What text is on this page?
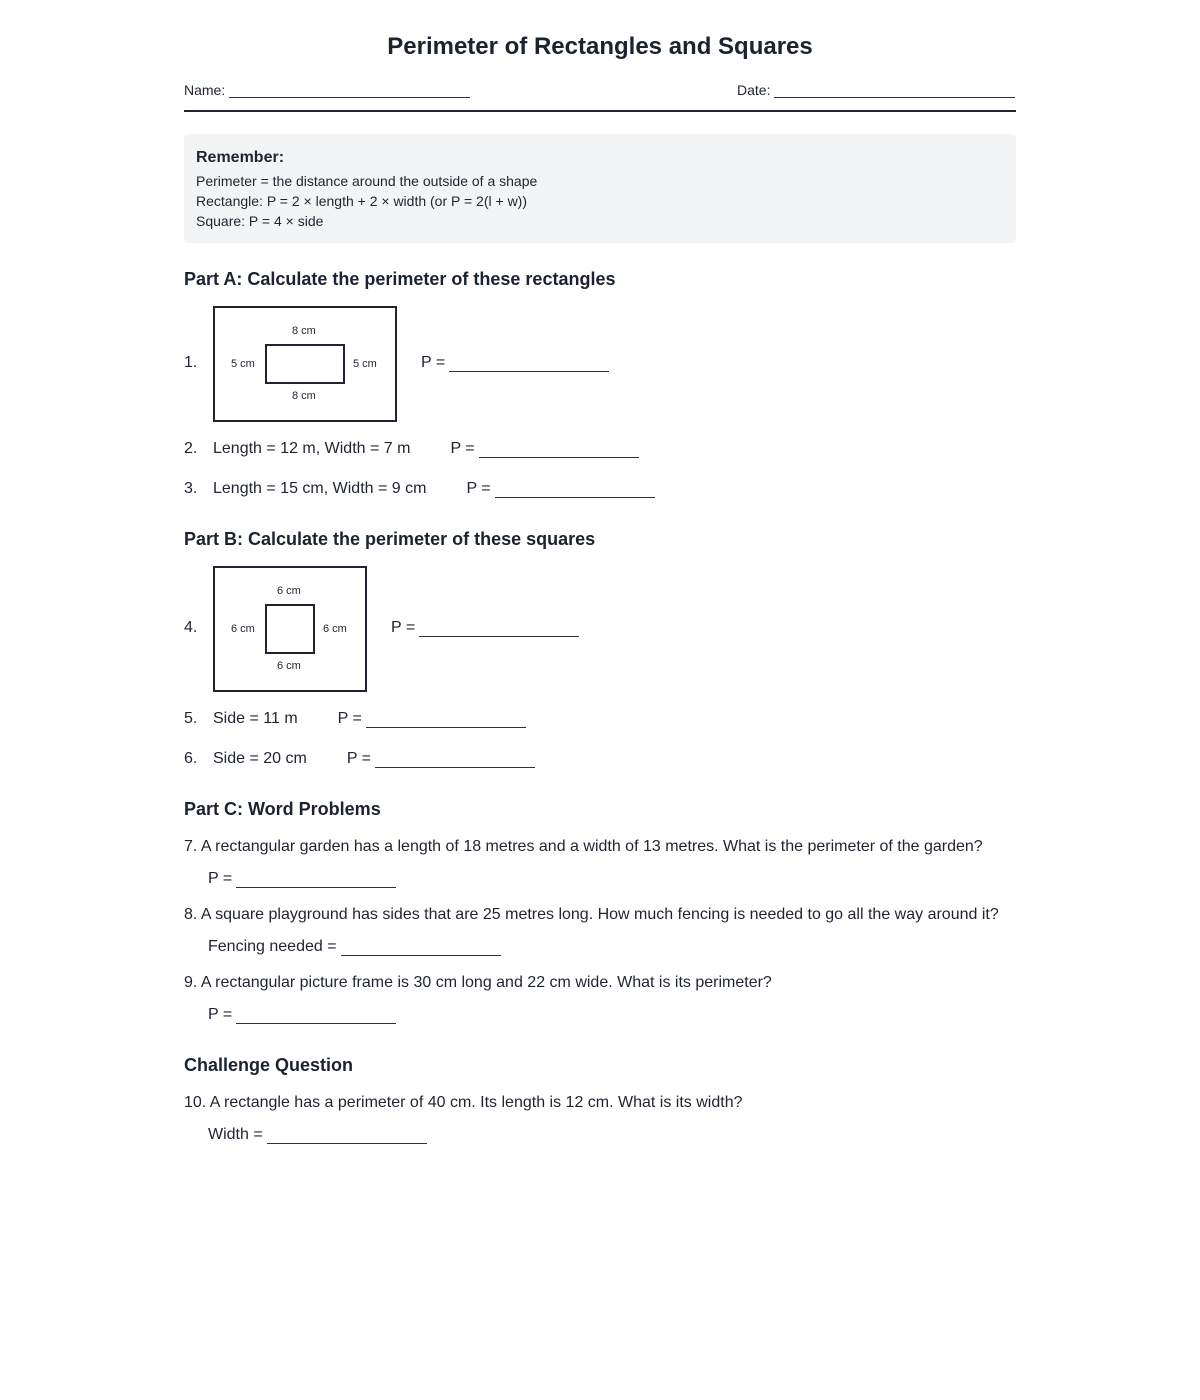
Perimeter of Rectangles and Squares
Name:	Date:
Remember:
Perimeter = the distance around the outside of a shape
Rectangle: P = 2 × length + 2 × width (or P = 2(l + w))
Square: P = 4 × side
Part A: Calculate the perimeter of these rectangles
1.
8 cm
5 cm	5 cm
8 cm
P =
2. Length = 12 m, Width = 7 m	P =
3. Length = 15 cm, Width = 9 cm	P =
Part B: Calculate the perimeter of these squares
4.
6 cm
6 cm	6 cm
6 cm
P =
5. Side = 11 m	P =
6. Side = 20 cm	P =
Part C: Word Problems
7. A rectangular garden has a length of 18 metres and a width of 13 metres. What is the perimeter of the garden?
P =
8. A square playground has sides that are 25 metres long. How much fencing is needed to go all the way around it?
Fencing needed =
9. A rectangular picture frame is 30 cm long and 22 cm wide. What is its perimeter?
P =
Challenge Question
10. A rectangle has a perimeter of 40 cm. Its length is 12 cm. What is its width?
Width =
